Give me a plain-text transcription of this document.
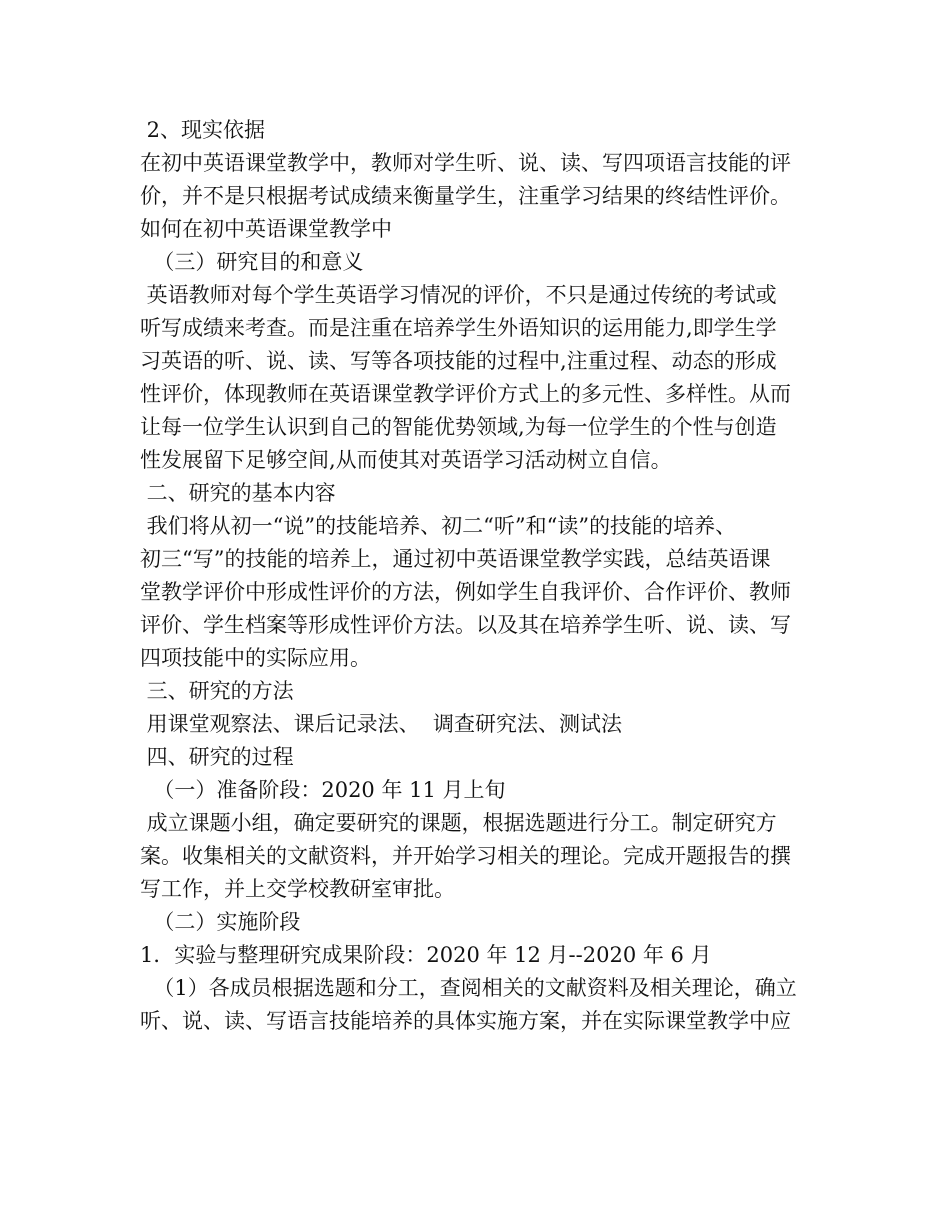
2、现实依据
在初中英语课堂教学中，教师对学生听、说、读、写四项语言技能的评
价，并不是只根据考试成绩来衡量学生，注重学习结果的终结性评价。
如何在初中英语课堂教学中
（三）研究目的和意义
英语教师对每个学生英语学习情况的评价，不只是通过传统的考试或
听写成绩来考查。而是注重在培养学生外语知识的运用能力,即学生学
习英语的听、说、读、写等各项技能的过程中,注重过程、动态的形成
性评价，体现教师在英语课堂教学评价方式上的多元性、多样性。从而
让每一位学生认识到自己的智能优势领域,为每一位学生的个性与创造
性发展留下足够空间,从而使其对英语学习活动树立自信。
二、研究的基本内容
我们将从初一“说”的技能培养、初二“听”和“读”的技能的培养、
初三“写”的技能的培养上，通过初中英语课堂教学实践，总结英语课
堂教学评价中形成性评价的方法，例如学生自我评价、合作评价、教师
评价、学生档案等形成性评价方法。以及其在培养学生听、说、读、写
四项技能中的实际应用。
三、研究的方法
用课堂观察法、课后记录法、  调查研究法、测试法
四、研究的过程
（一）准备阶段：2020 年 11 月上旬
成立课题小组，确定要研究的课题，根据选题进行分工。制定研究方
案。收集相关的文献资料，并开始学习相关的理论。完成开题报告的撰
写工作，并上交学校教研室审批。
（二）实施阶段
1．实验与整理研究成果阶段：2020 年 12 月--2020 年 6 月
（1）各成员根据选题和分工，查阅相关的文献资料及相关理论，确立
听、说、读、写语言技能培养的具体实施方案，并在实际课堂教学中应
